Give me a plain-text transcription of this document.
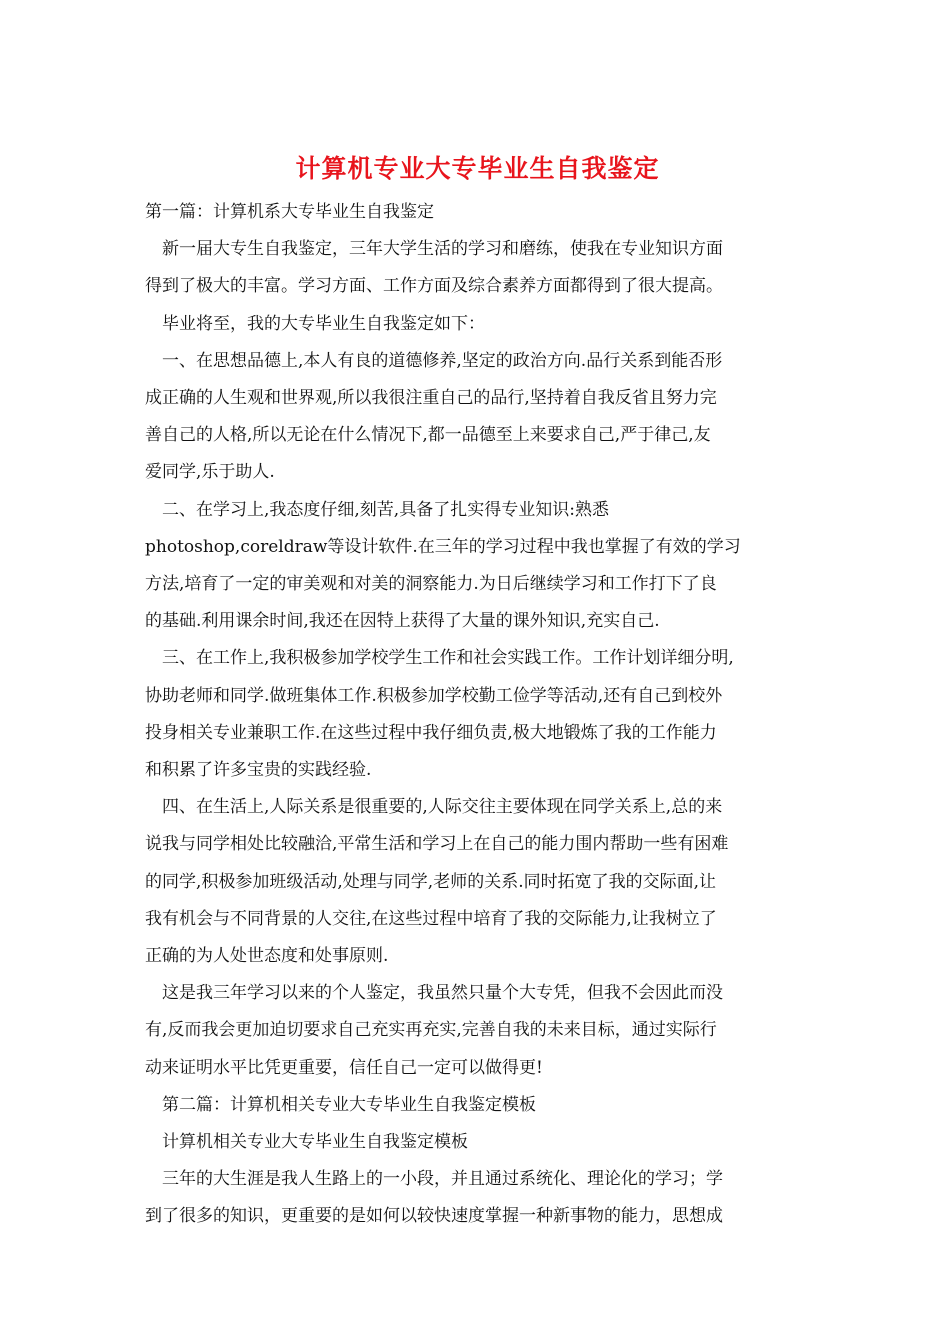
计算机专业大专毕业生自我鉴定

第一篇：计算机系大专毕业生自我鉴定

新一届大专生自我鉴定，三年大学生活的学习和磨练，使我在专业知识方面

得到了极大的丰富。学习方面、工作方面及综合素养方面都得到了很大提高。

毕业将至，我的大专毕业生自我鉴定如下：

一、在思想品德上,本人有良的道德修养,坚定的政治方向.品行关系到能否形

成正确的人生观和世界观,所以我很注重自己的品行,坚持着自我反省且努力完

善自己的人格,所以无论在什么情况下,都一品德至上来要求自己,严于律己,友

爱同学,乐于助人.

二、在学习上,我态度仔细,刻苦,具备了扎实得专业知识:熟悉

photoshop,coreldraw等设计软件.在三年的学习过程中我也掌握了有效的学习

方法,培育了一定的审美观和对美的洞察能力.为日后继续学习和工作打下了良

的基础.利用课余时间,我还在因特上获得了大量的课外知识,充实自己.

三、在工作上,我积极参加学校学生工作和社会实践工作。工作计划详细分明,

协助老师和同学.做班集体工作.积极参加学校勤工俭学等活动,还有自己到校外

投身相关专业兼职工作.在这些过程中我仔细负责,极大地锻炼了我的工作能力

和积累了许多宝贵的实践经验.

四、在生活上,人际关系是很重要的,人际交往主要体现在同学关系上,总的来

说我与同学相处比较融洽,平常生活和学习上在自己的能力围内帮助一些有困难

的同学,积极参加班级活动,处理与同学,老师的关系.同时拓宽了我的交际面,让

我有机会与不同背景的人交往,在这些过程中培育了我的交际能力,让我树立了

正确的为人处世态度和处事原则.

这是我三年学习以来的个人鉴定，我虽然只量个大专凭，但我不会因此而没

有,反而我会更加迫切要求自己充实再充实,完善自我的未来目标，通过实际行

动来证明水平比凭更重要，信任自己一定可以做得更!

第二篇：计算机相关专业大专毕业生自我鉴定模板

计算机相关专业大专毕业生自我鉴定模板

三年的大生涯是我人生路上的一小段，并且通过系统化、理论化的学习；学

到了很多的知识，更重要的是如何以较快速度掌握一种新事物的能力，思想成
